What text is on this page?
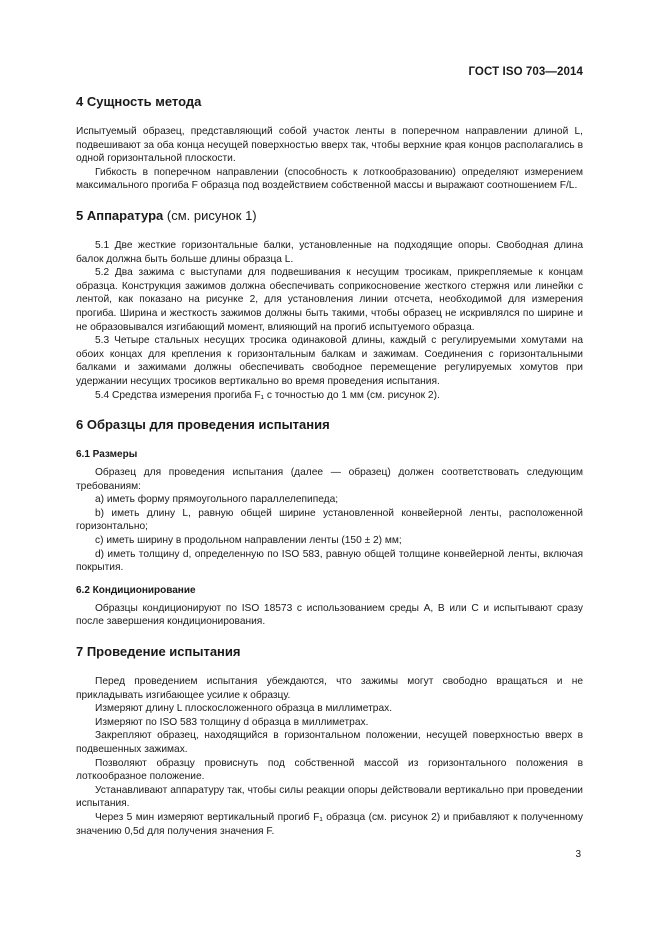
ГОСТ ISO 703—2014
4 Сущность метода

Испытуемый образец, представляющий собой участок ленты в поперечном направлении длиной L, подвешивают за оба конца несущей поверхностью вверх так, чтобы верхние края концов располагались в одной горизонтальной плоскости.

Гибкость в поперечном направлении (способность к лоткообразованию) определяют измерением максимального прогиба F образца под воздействием собственной массы и выражают соотношением F/L.

5 Аппаратура (см. рисунок 1)

5.1 Две жесткие горизонтальные балки, установленные на подходящие опоры. Свободная длина балок должна быть больше длины образца L.

5.2 Два зажима с выступами для подвешивания к несущим тросикам, прикрепляемые к концам образца. Конструкция зажимов должна обеспечивать соприкосновение жесткого стержня или линейки с лентой, как показано на рисунке 2, для установления линии отсчета, необходимой для измерения прогиба. Ширина и жесткость зажимов должны быть такими, чтобы образец не искривлялся по ширине и не образовывался изгибающий момент, влияющий на прогиб испытуемого образца.

5.3 Четыре стальных несущих тросика одинаковой длины, каждый с регулируемыми хомутами на обоих концах для крепления к горизонтальным балкам и зажимам. Соединения с горизонтальными балками и зажимами должны обеспечивать свободное перемещение регулируемых хомутов при удержании несущих тросиков вертикально во время проведения испытания.

5.4 Средства измерения прогиба F₁ с точностью до 1 мм (см. рисунок 2).

6 Образцы для проведения испытания
6.1 Размеры

Образец для проведения испытания (далее — образец) должен соответствовать следующим требованиям:

a) иметь форму прямоугольного параллелепипеда;

b) иметь длину L, равную общей ширине установленной конвейерной ленты, расположенной горизонтально;

c) иметь ширину в продольном направлении ленты (150 ± 2) мм;

d) иметь толщину d, определенную по ISO 583, равную общей толщине конвейерной ленты, включая покрытия.

6.2 Кондиционирование

Образцы кондиционируют по ISO 18573 с использованием среды A, B или C и испытывают сразу после завершения кондиционирования.

7 Проведение испытания

Перед проведением испытания убеждаются, что зажимы могут свободно вращаться и не прикладывать изгибающее усилие к образцу.

Измеряют длину L плоскосложенного образца в миллиметрах.

Измеряют по ISO 583 толщину d образца в миллиметрах.

Закрепляют образец, находящийся в горизонтальном положении, несущей поверхностью вверх в подвешенных зажимах.

Позволяют образцу провиснуть под собственной массой из горизонтального положения в лоткообразное положение.

Устанавливают аппаратуру так, чтобы силы реакции опоры действовали вертикально при проведении испытания.

Через 5 мин измеряют вертикальный прогиб F₁ образца (см. рисунок 2) и прибавляют к полученному значению 0,5d для получения значения F.

3
